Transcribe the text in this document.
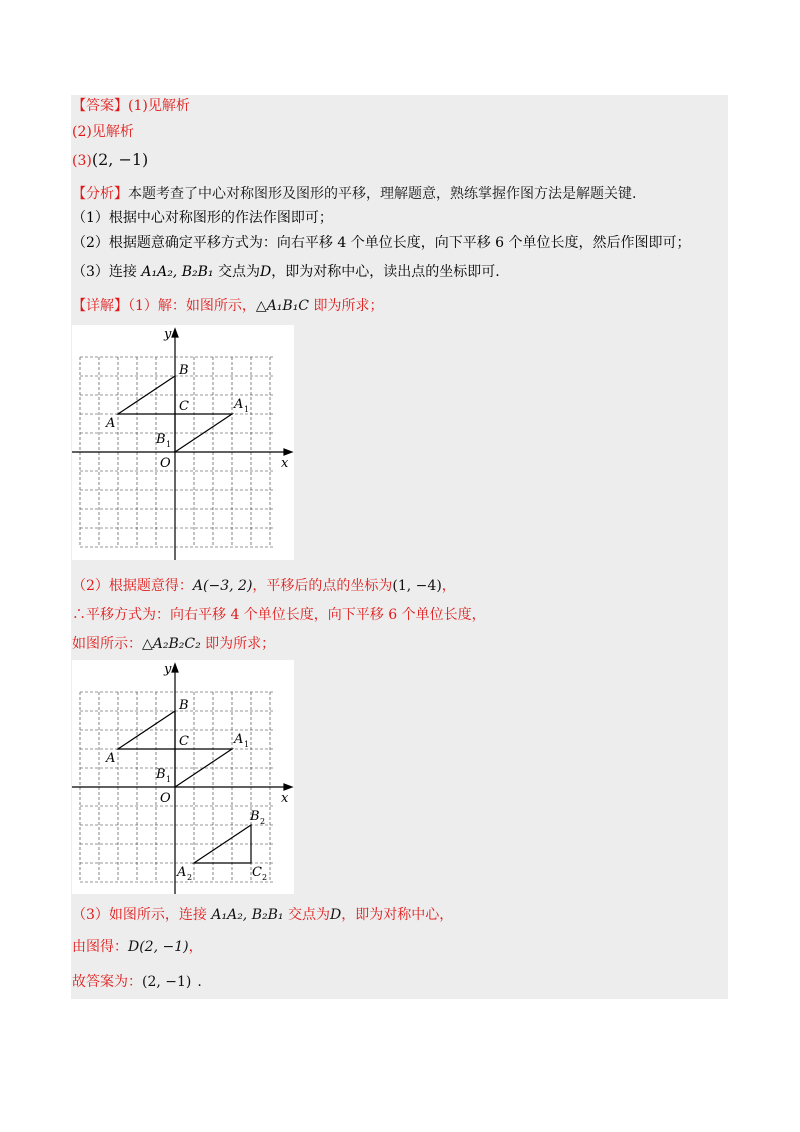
【答案】(1)见解析
(2)见解析
(3)(2, −1)
【分析】本题考查了中心对称图形及图形的平移，理解题意，熟练掌握作图方法是解题关键.
（1）根据中心对称图形的作法作图即可；
（2）根据题意确定平移方式为：向右平移 4 个单位长度，向下平移 6 个单位长度，然后作图即可；
（3）连接 A₁A₂, B₂B₁ 交点为D，即为对称中心，读出点的坐标即可.
【详解】（1）解：如图所示，△A₁B₁C 即为所求；
y
x
O
A
B
C	A 1
B 1
（2）根据题意得：A(−3, 2)，平移后的点的坐标为(1, −4)，
∴平移方式为：向右平移 4 个单位长度，向下平移 6 个单位长度，
如图所示：△A₂B₂C₂ 即为所求；
y
x
O
A
B
C	A 1
B 1
A 2
B 2
C 2
（3）如图所示，连接 A₁A₂, B₂B₁ 交点为D，即为对称中心，
由图得：D(2, −1)，
故答案为：(2, −1) .
